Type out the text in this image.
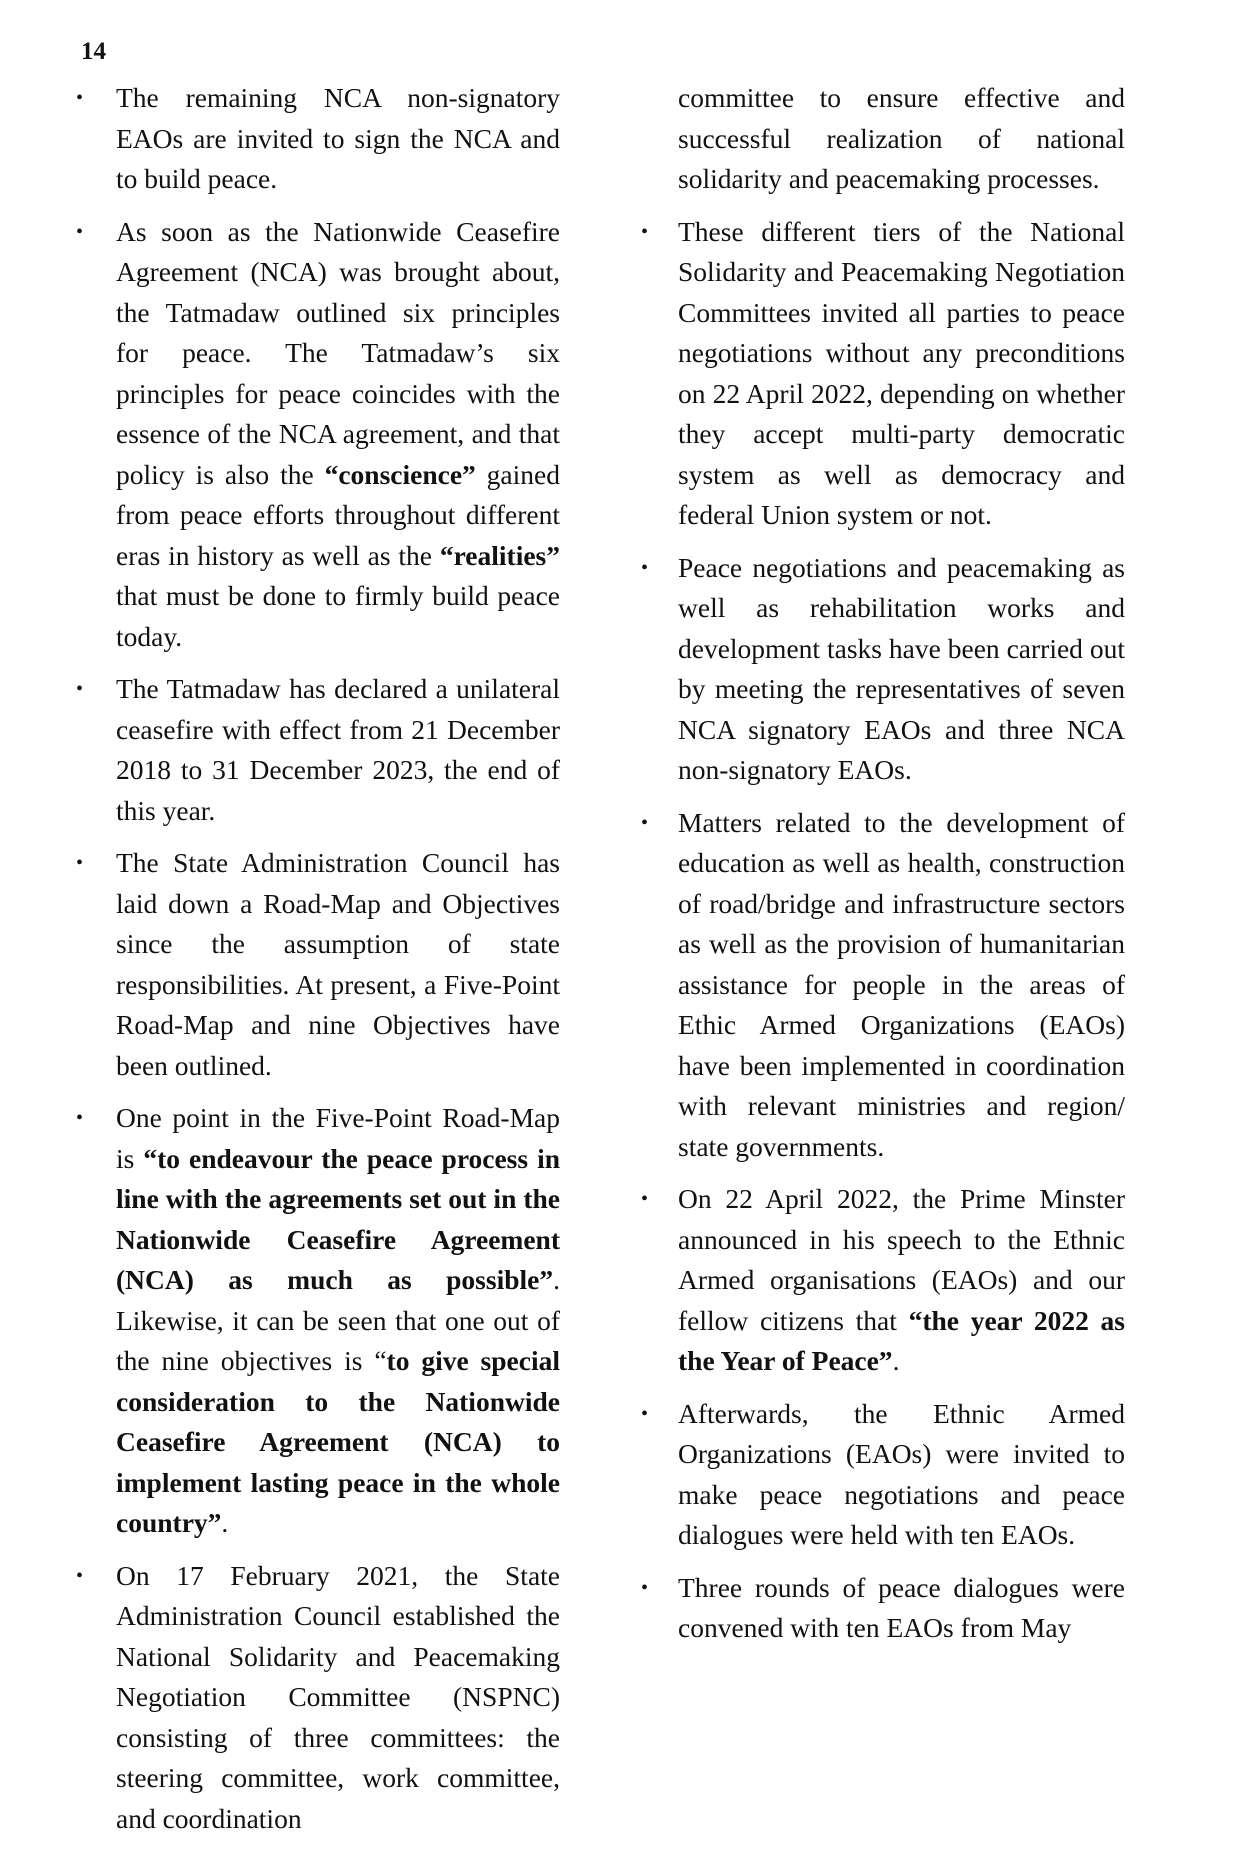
14
• The remaining NCA non-signatory EAOs are invited to sign the NCA and to build peace.
• As soon as the Nationwide Ceasefire Agreement (NCA) was brought about, the Tatmadaw outlined six principles for peace. The Tatmadaw’s six principles for peace coincides with the essence of the NCA agreement, and that policy is also the “conscience” gained from peace efforts throughout different eras in history as well as the “realities” that must be done to firmly build peace today.
• The Tatmadaw has declared a unilateral ceasefire with effect from 21 December 2018 to 31 December 2023, the end of this year.
• The State Administration Council has laid down a Road-Map and Objectives since the assumption of state responsibilities. At present, a Five-Point Road-Map and nine Objectives have been outlined.
• One point in the Five-Point Road-Map is “to endeavour the peace process in line with the agreements set out in the Nationwide Ceasefire Agreement (NCA) as much as possible”. Likewise, it can be seen that one out of the nine objectives is “to give special consideration to the Nationwide Ceasefire Agreement (NCA) to implement lasting peace in the whole country”.
• On 17 February 2021, the State Administration Council established the National Solidarity and Peacemaking Negotiation Committee (NSPNC) consisting of three committees: the steering committee, work committee, and coordination
committee to ensure effective and successful realization of national solidarity and peacemaking processes.
• These different tiers of the National Solidarity and Peacemaking Negotiation Committees invited all parties to peace negotiations without any preconditions on 22 April 2022, depending on whether they accept multi-party democratic system as well as democracy and federal Union system or not.
• Peace negotiations and peacemaking as well as rehabilitation works and development tasks have been carried out by meeting the representatives of seven NCA signatory EAOs and three NCA non-signatory EAOs.
• Matters related to the development of education as well as health, construction of road/bridge and infrastructure sectors as well as the provision of humanitarian assistance for people in the areas of Ethic Armed Organizations (EAOs) have been implemented in coordination with relevant ministries and region/ state governments.
• On 22 April 2022, the Prime Minster announced in his speech to the Ethnic Armed organisations (EAOs) and our fellow citizens that “the year 2022 as the Year of Peace”.
• Afterwards, the Ethnic Armed Organizations (EAOs) were invited to make peace negotiations and peace dialogues were held with ten EAOs.
• Three rounds of peace dialogues were convened with ten EAOs from May
